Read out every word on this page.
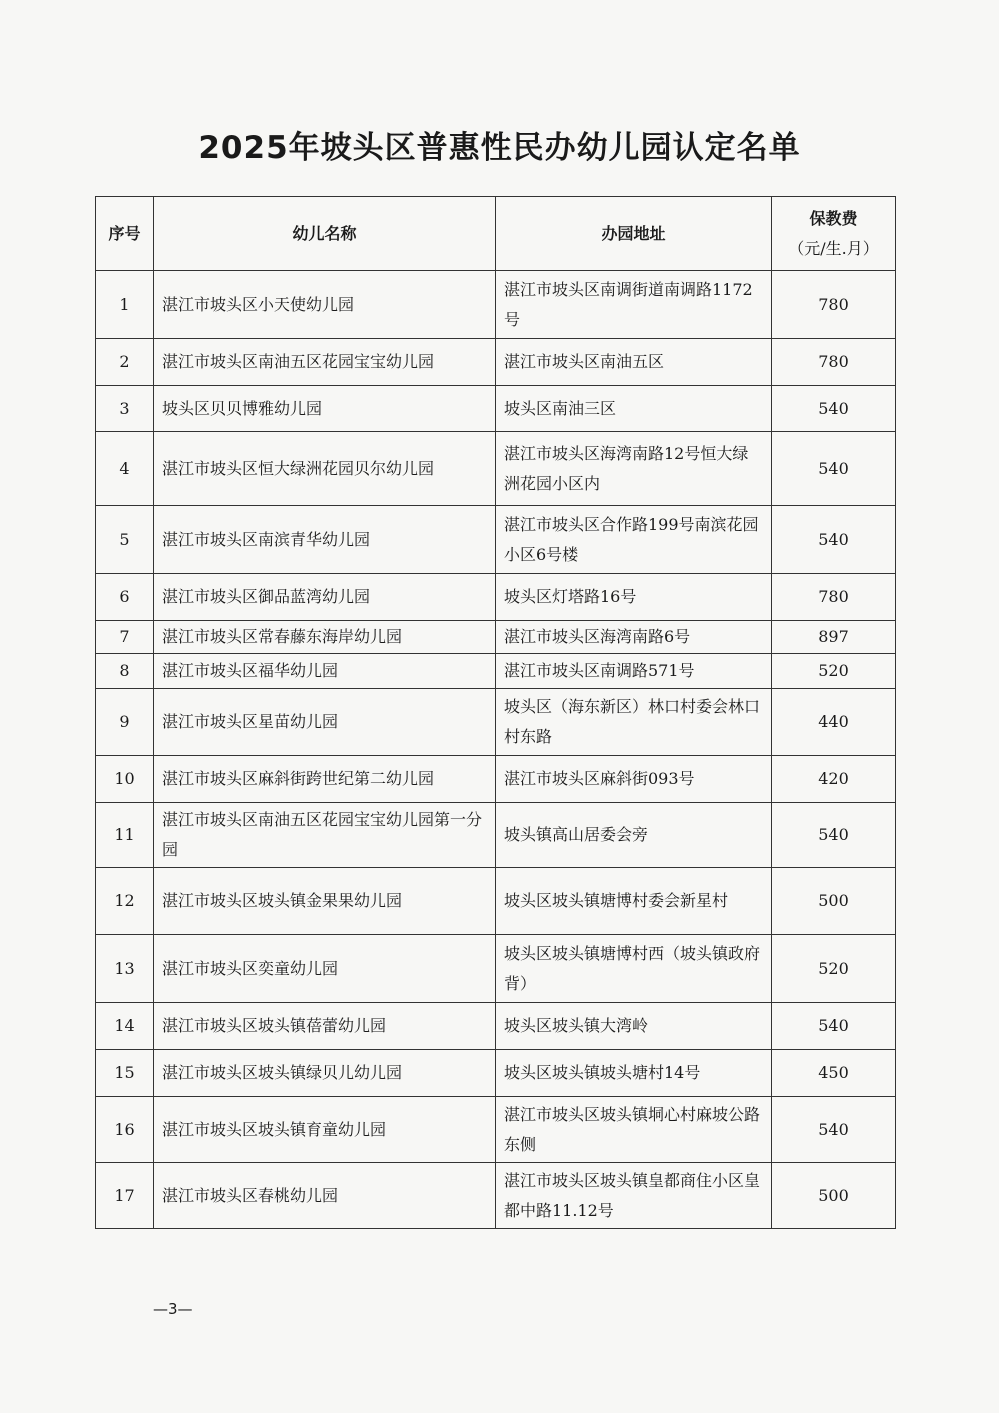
2025年坡头区普惠性民办幼儿园认定名单
序号	幼儿名称	办园地址	保教费
（元/生.月）

1	湛江市坡头区小天使幼儿园	湛江市坡头区南调街道南调路1172号	780
2	湛江市坡头区南油五区花园宝宝幼儿园	湛江市坡头区南油五区	780
3	坡头区贝贝博雅幼儿园	坡头区南油三区	540
4	湛江市坡头区恒大绿洲花园贝尔幼儿园	湛江市坡头区海湾南路12号恒大绿洲花园小区内	540
5	湛江市坡头区南滨青华幼儿园	湛江市坡头区合作路199号南滨花园小区6号楼	540
6	湛江市坡头区御品蓝湾幼儿园	坡头区灯塔路16号	780
7	湛江市坡头区常春藤东海岸幼儿园	湛江市坡头区海湾南路6号	897
8	湛江市坡头区福华幼儿园	湛江市坡头区南调路571号	520
9	湛江市坡头区星苗幼儿园	坡头区（海东新区）林口村委会林口村东路	440
10	湛江市坡头区麻斜街跨世纪第二幼儿园	湛江市坡头区麻斜街093号	420
11	湛江市坡头区南油五区花园宝宝幼儿园第一分园	坡头镇高山居委会旁	540
12	湛江市坡头区坡头镇金果果幼儿园	坡头区坡头镇塘博村委会新星村	500
13	湛江市坡头区奕童幼儿园	坡头区坡头镇塘博村西（坡头镇政府背）	520
14	湛江市坡头区坡头镇蓓蕾幼儿园	坡头区坡头镇大湾岭	540
15	湛江市坡头区坡头镇绿贝儿幼儿园	坡头区坡头镇坡头塘村14号	450
16	湛江市坡头区坡头镇育童幼儿园	湛江市坡头区坡头镇垌心村麻坡公路东侧	540
17	湛江市坡头区春桃幼儿园	湛江市坡头区坡头镇皇都商住小区皇都中路11.12号	500
—3—
